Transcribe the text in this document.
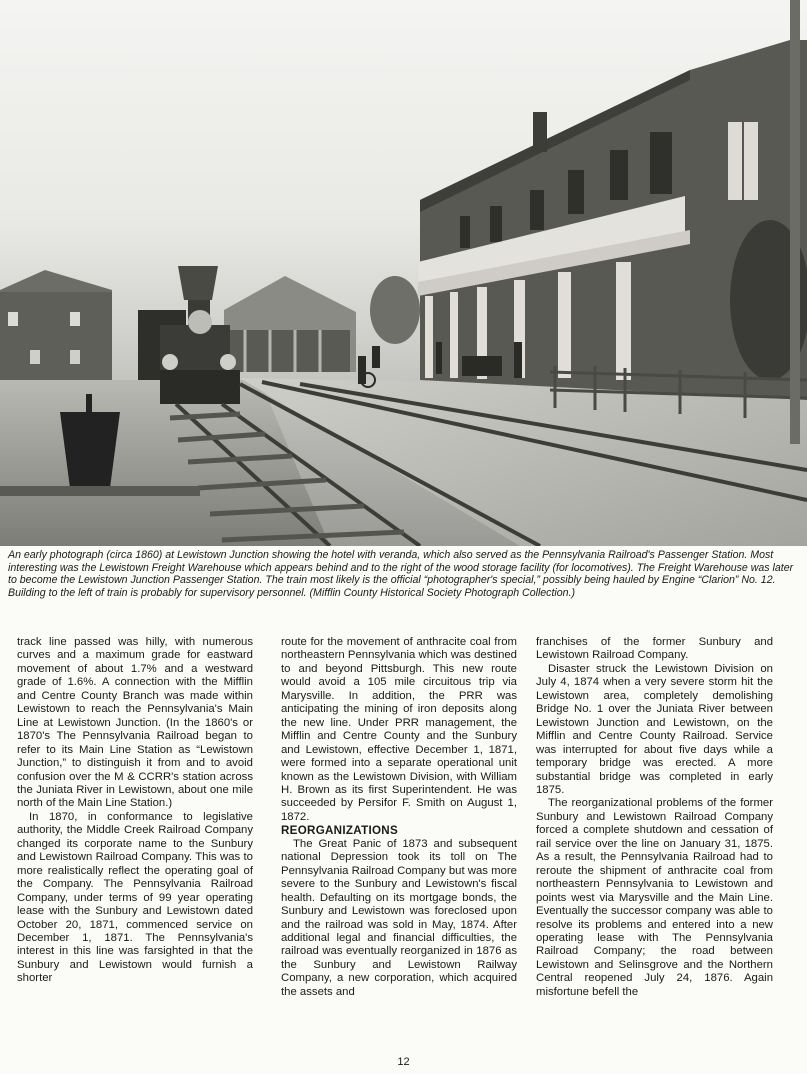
An early photograph (circa 1860) at Lewistown Junction showing the hotel with veranda, which also served as the Pennsylvania Railroad's Passenger Station. Most interesting was the Lewistown Freight Warehouse which appears behind and to the right of the wood storage facility (for locomotives). The Freight Warehouse was later to become the Lewistown Junction Passenger Station. The train most likely is the official “photographer's special,” possibly being hauled by Engine “Clarion” No. 12. Building to the left of train is probably for supervisory personnel. (Mifflin County Historical Society Photograph Collection.)

track line passed was hilly, with numerous curves and a maximum grade for eastward movement of about 1.7% and a westward grade of 1.6%. A connection with the Mifflin and Centre County Branch was made within Lewistown to reach the Pennsylvania's Main Line at Lewistown Junction. (In the 1860's or 1870's The Pennsylvania Railroad began to refer to its Main Line Station as “Lewistown Junction,” to distinguish it from and to avoid confusion over the M & CCRR's station across the Juniata River in Lewistown, about one mile north of the Main Line Station.)

In 1870, in conformance to legislative authority, the Middle Creek Railroad Company changed its corporate name to the Sunbury and Lewistown Railroad Company. This was to more realistically reflect the operating goal of the Company. The Pennsylvania Railroad Company, under terms of 99 year operating lease with the Sunbury and Lewistown dated October 20, 1871, commenced service on December 1, 1871. The Pennsylvania's interest in this line was farsighted in that the Sunbury and Lewistown would furnish a shorter

route for the movement of anthracite coal from northeastern Pennsylvania which was destined to and beyond Pittsburgh. This new route would avoid a 105 mile circuitous trip via Marysville. In addition, the PRR was anticipating the mining of iron deposits along the new line. Under PRR management, the Mifflin and Centre County and the Sunbury and Lewistown, effective December 1, 1871, were formed into a separate operational unit known as the Lewistown Division, with William H. Brown as its first Superintendent. He was succeeded by Persifor F. Smith on August 1, 1872.

REORGANIZATIONS

The Great Panic of 1873 and subsequent national Depression took its toll on The Pennsylvania Railroad Company but was more severe to the Sunbury and Lewistown's fiscal health. Defaulting on its mortgage bonds, the Sunbury and Lewistown was foreclosed upon and the railroad was sold in May, 1874. After additional legal and financial difficulties, the railroad was eventually reorganized in 1876 as the Sunbury and Lewistown Railway Company, a new corporation, which acquired the assets and

franchises of the former Sunbury and Lewistown Railroad Company.

Disaster struck the Lewistown Division on July 4, 1874 when a very severe storm hit the Lewistown area, completely demolishing Bridge No. 1 over the Juniata River between Lewistown Junction and Lewistown, on the Mifflin and Centre County Railroad. Service was interrupted for about five days while a temporary bridge was erected. A more substantial bridge was completed in early 1875.

The reorganizational problems of the former Sunbury and Lewistown Railroad Company forced a complete shutdown and cessation of rail service over the line on January 31, 1875. As a result, the Pennsylvania Railroad had to reroute the shipment of anthracite coal from northeastern Pennsylvania to Lewistown and points west via Marysville and the Main Line. Eventually the successor company was able to resolve its problems and entered into a new operating lease with The Pennsylvania Railroad Company; the road between Lewistown and Selinsgrove and the Northern Central reopened July 24, 1876. Again misfortune befell the

12
